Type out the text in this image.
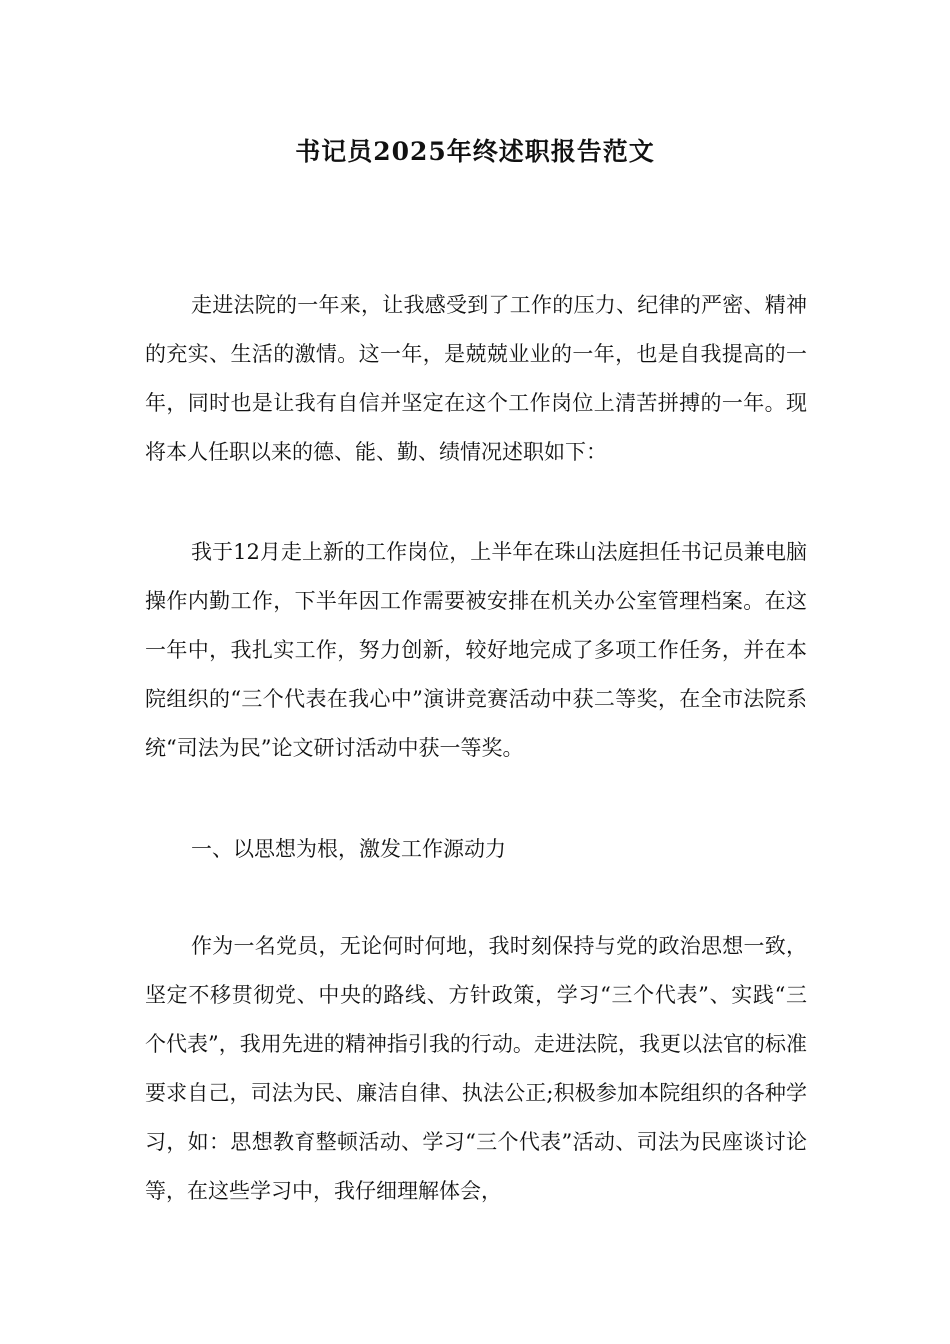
书记员2025年终述职报告范文

走进法院的一年来，让我感受到了工作的压力、纪律的严密、精神的充实、生活的激情。这一年，是兢兢业业的一年，也是自我提高的一年，同时也是让我有自信并坚定在这个工作岗位上清苦拼搏的一年。现将本人任职以来的德、能、勤、绩情况述职如下：

我于12月走上新的工作岗位，上半年在珠山法庭担任书记员兼电脑操作内勤工作，下半年因工作需要被安排在机关办公室管理档案。在这一年中，我扎实工作，努力创新，较好地完成了多项工作任务，并在本院组织的“三个代表在我心中”演讲竞赛活动中获二等奖，在全市法院系统“司法为民”论文研讨活动中获一等奖。

一、以思想为根，激发工作源动力

作为一名党员，无论何时何地，我时刻保持与党的政治思想一致，坚定不移贯彻党、中央的路线、方针政策，学习“三个代表”、实践“三个代表”，我用先进的精神指引我的行动。走进法院，我更以法官的标准要求自己，司法为民、廉洁自律、执法公正;积极参加本院组织的各种学习，如：思想教育整顿活动、学习“三个代表”活动、司法为民座谈讨论等，在这些学习中，我仔细理解体会，
